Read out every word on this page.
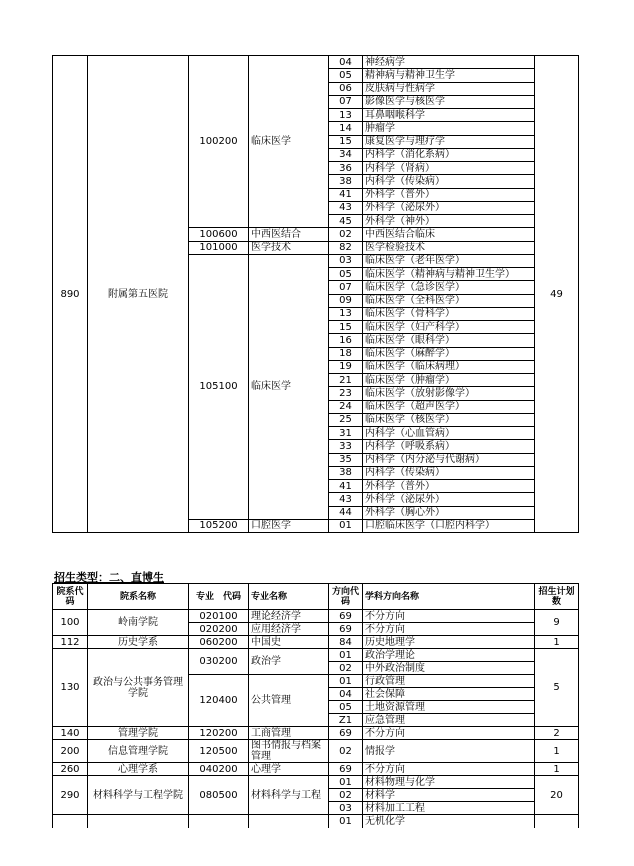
890	附属第五医院	100200	临床医学	04	神经病学	49
				05	精神病与精神卫生学	
				06	皮肤病与性病学	
				07	影像医学与核医学	
				13	耳鼻咽喉科学	
				14	肿瘤学	
				15	康复医学与理疗学	
				34	内科学（消化系病）	
				36	内科学（肾病）	
				38	内科学（传染病）	
				41	外科学（普外）	
				43	外科学（泌尿外）	
				45	外科学（神外）	
		100600	中西医结合	02	中西医结合临床	
		101000	医学技术	82	医学检验技术	
		105100	临床医学	03	临床医学（老年医学）	
				05	临床医学（精神病与精神卫生学）	
				07	临床医学（急诊医学）	
				09	临床医学（全科医学）	
				13	临床医学（骨科学）	
				15	临床医学（妇产科学）	
				16	临床医学（眼科学）	
				18	临床医学（麻醉学）	
				19	临床医学（临床病理）	
				21	临床医学（肿瘤学）	
				23	临床医学（放射影像学）	
				24	临床医学（超声医学）	
				25	临床医学（核医学）	
				31	内科学（心血管病）	
				33	内科学（呼吸系病）	
				35	内科学（内分泌与代谢病）	
				38	内科学（传染病）	
				41	外科学（普外）	
				43	外科学（泌尿外）	
				44	外科学（胸心外）	
		105200	口腔医学	01	口腔临床医学（口腔内科学）	
招生类型：二、直博生
院系代码	院系名称	专业　代码	专业名称	方向代码	学科方向名称	招生计划数
100	岭南学院	020100	理论经济学	69	不分方向	9
		020200	应用经济学	69	不分方向	
112	历史学系	060200	中国史	84	历史地理学	1
130	政治与公共事务管理学院	030200	政治学	01	政治学理论	5
				02	中外政治制度	
		120400	公共管理	01	行政管理	
				04	社会保障	
				05	土地资源管理	
				Z1	应急管理	
140	管理学院	120200	工商管理	69	不分方向	2
200	信息管理学院	120500	图书情报与档案管理	02	情报学	1
260	心理学系	040200	心理学	69	不分方向	1
290	材料科学与工程学院	080500	材料科学与工程	01	材料物理与化学	20
				02	材料学	
				03	材料加工工程	
				01	无机化学	
